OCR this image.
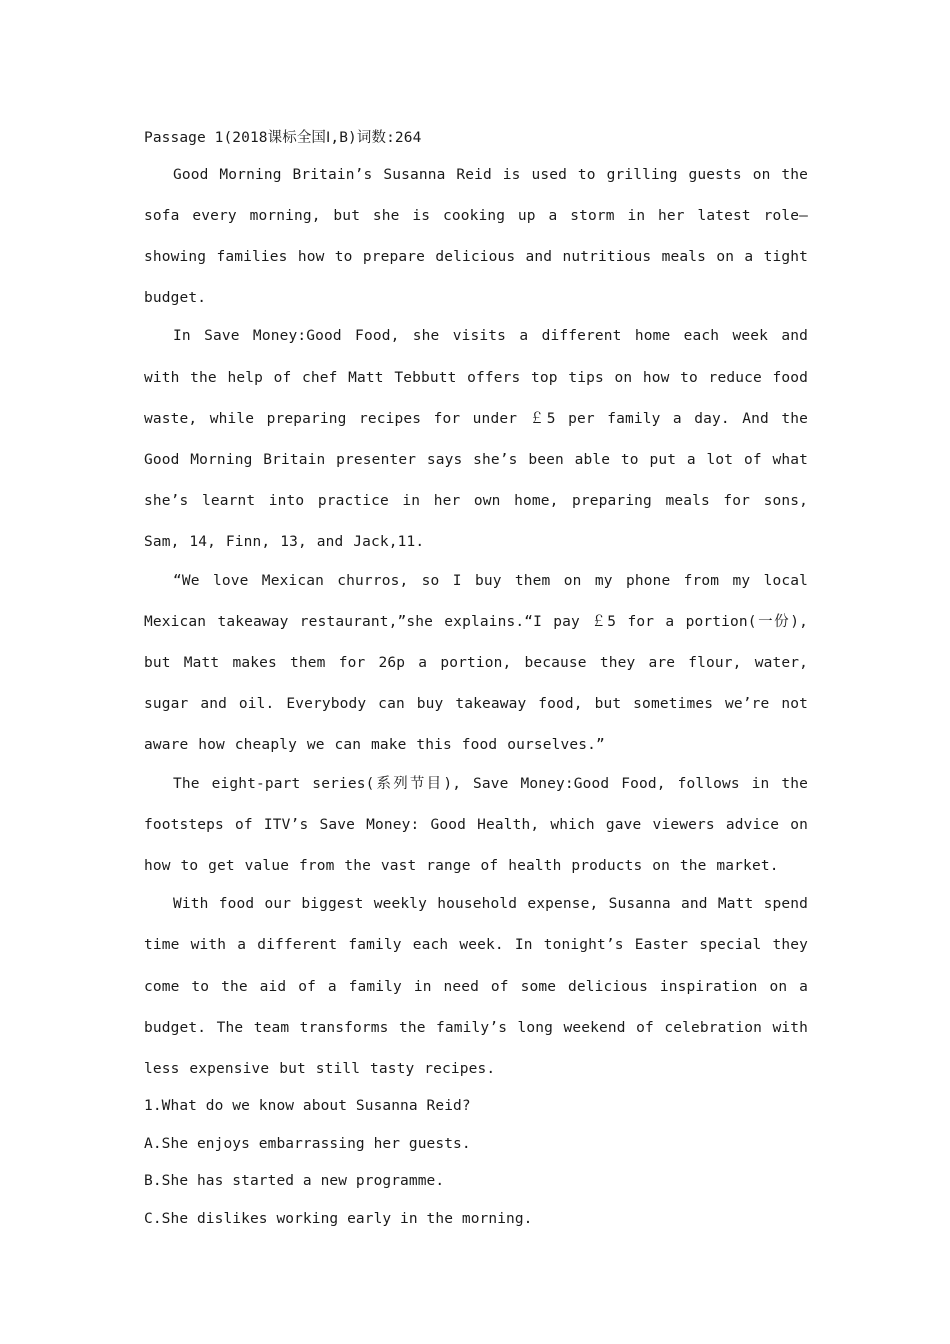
Passage 1(2018课标全国Ⅰ,B)词数:264

Good Morning Britain’s Susanna Reid is used to grilling guests on the sofa every morning, but she is cooking up a storm in her latest role—showing families how to prepare delicious and nutritious meals on a tight budget.

In Save Money:Good Food, she visits a different home each week and with the help of chef Matt Tebbutt offers top tips on how to reduce food waste, while preparing recipes for under ￡5 per family a day. And the Good Morning Britain presenter says she’s been able to put a lot of what she’s learnt into practice in her own home, preparing meals for sons, Sam, 14, Finn, 13, and Jack,11.

“We love Mexican churros, so I buy them on my phone from my local Mexican takeaway restaurant,”she explains.“I pay ￡5 for a portion(一份), but Matt makes them for 26p a portion, because they are flour, water, sugar and oil. Everybody can buy takeaway food, but sometimes we’re not aware how cheaply we can make this food ourselves.”

The eight-part series(系列节目), Save Money:Good Food, follows in the footsteps of ITV’s Save Money: Good Health, which gave viewers advice on how to get value from the vast range of health products on the market.

With food our biggest weekly household expense, Susanna and Matt spend time with a different family each week. In tonight’s Easter special they come to the aid of a family in need of some delicious inspiration on a budget. The team transforms the family’s long weekend of celebration with less expensive but still tasty recipes.

1.What do we know about Susanna Reid?

A.She enjoys embarrassing her guests.

B.She has started a new programme.

C.She dislikes working early in the morning.
